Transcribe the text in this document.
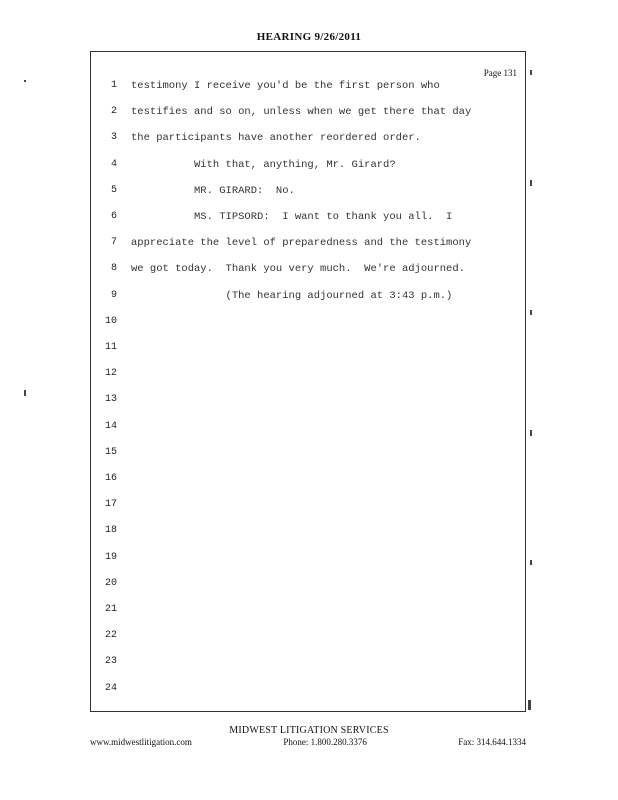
HEARING 9/26/2011
Page 131
1 testimony I receive you'd be the first person who
2 testifies and so on, unless when we get there that day
3 the participants have another reordered order.
4 With that, anything, Mr. Girard?
5 MR. GIRARD:  No.
6 MS. TIPSORD:  I want to thank you all.  I
7 appreciate the level of preparedness and the testimony
8 we got today.  Thank you very much.  We're adjourned.
9 (The hearing adjourned at 3:43 p.m.)
10
11
12
13
14
15
16
17
18
19
20
21
22
23
24
MIDWEST LITIGATION SERVICES
www.midwestlitigation.com	Phone: 1.800.280.3376	Fax: 314.644.1334
